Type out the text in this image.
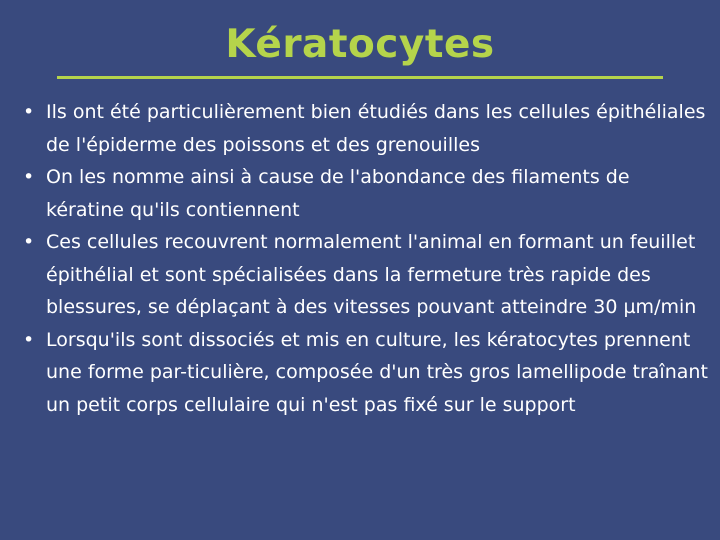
Kératocytes
• Ils ont été particulièrement bien étudiés dans les cellules épithéliales de l'épiderme des poissons et des grenouilles
• On les nomme ainsi à cause de l'abondance des filaments de kératine qu'ils contiennent
• Ces cellules recouvrent normalement l'animal en formant un feuillet épithélial et sont spécialisées dans la fermeture très rapide des blessures, se déplaçant à des vitesses pouvant atteindre 30 µm/min
• Lorsqu'ils sont dissociés et mis en culture, les kératocytes prennent une forme par-ticulière, composée d'un très gros lamellipode traînant un petit corps cellulaire qui n'est pas fixé sur le support
